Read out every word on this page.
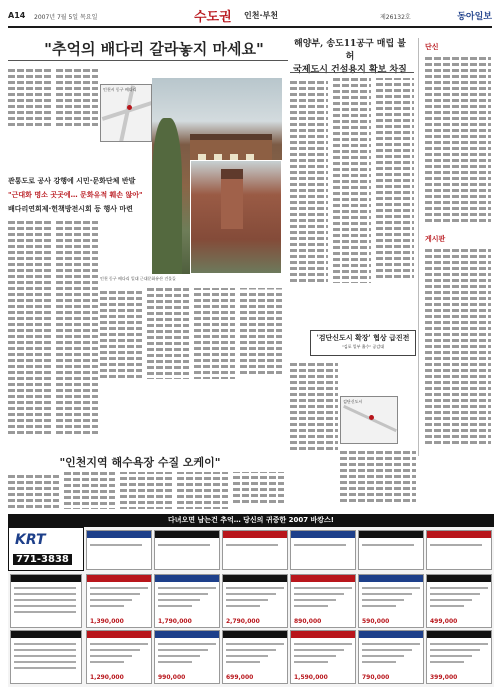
A14 2007년 7월 5일 목요일	수도권 인천·부천	제26132호	동아일보
"추억의 배다리 갈라놓지 마세요"
인천시 동구 배다리
관통도로 공사 강행에 시민·문화단체 반발
"근대화 명소 곳곳에… 문화유적 훼손 않아"
배다리연희제·헌책방전시회 등 행사 마련
인천 동구 배다리 일대 근대문화유산 건물들
해양부, 송도11공구 매립 불허
국제도시 건설용지 확보 차질
단신
게시판
'검단신도시 확장' 협상 급진전
"김포 일부 흡수" 공감대
검단신도시
"인천지역 해수욕장 수질 오케이"
다녀오면 남는건 추억… 당신의 귀중한 2007 바캉스!
KRT
771-3838
1,390,000	1,790,000	2,790,000	890,000	590,000	499,000
1,290,000	990,000	699,000	1,590,000	790,000	399,000
